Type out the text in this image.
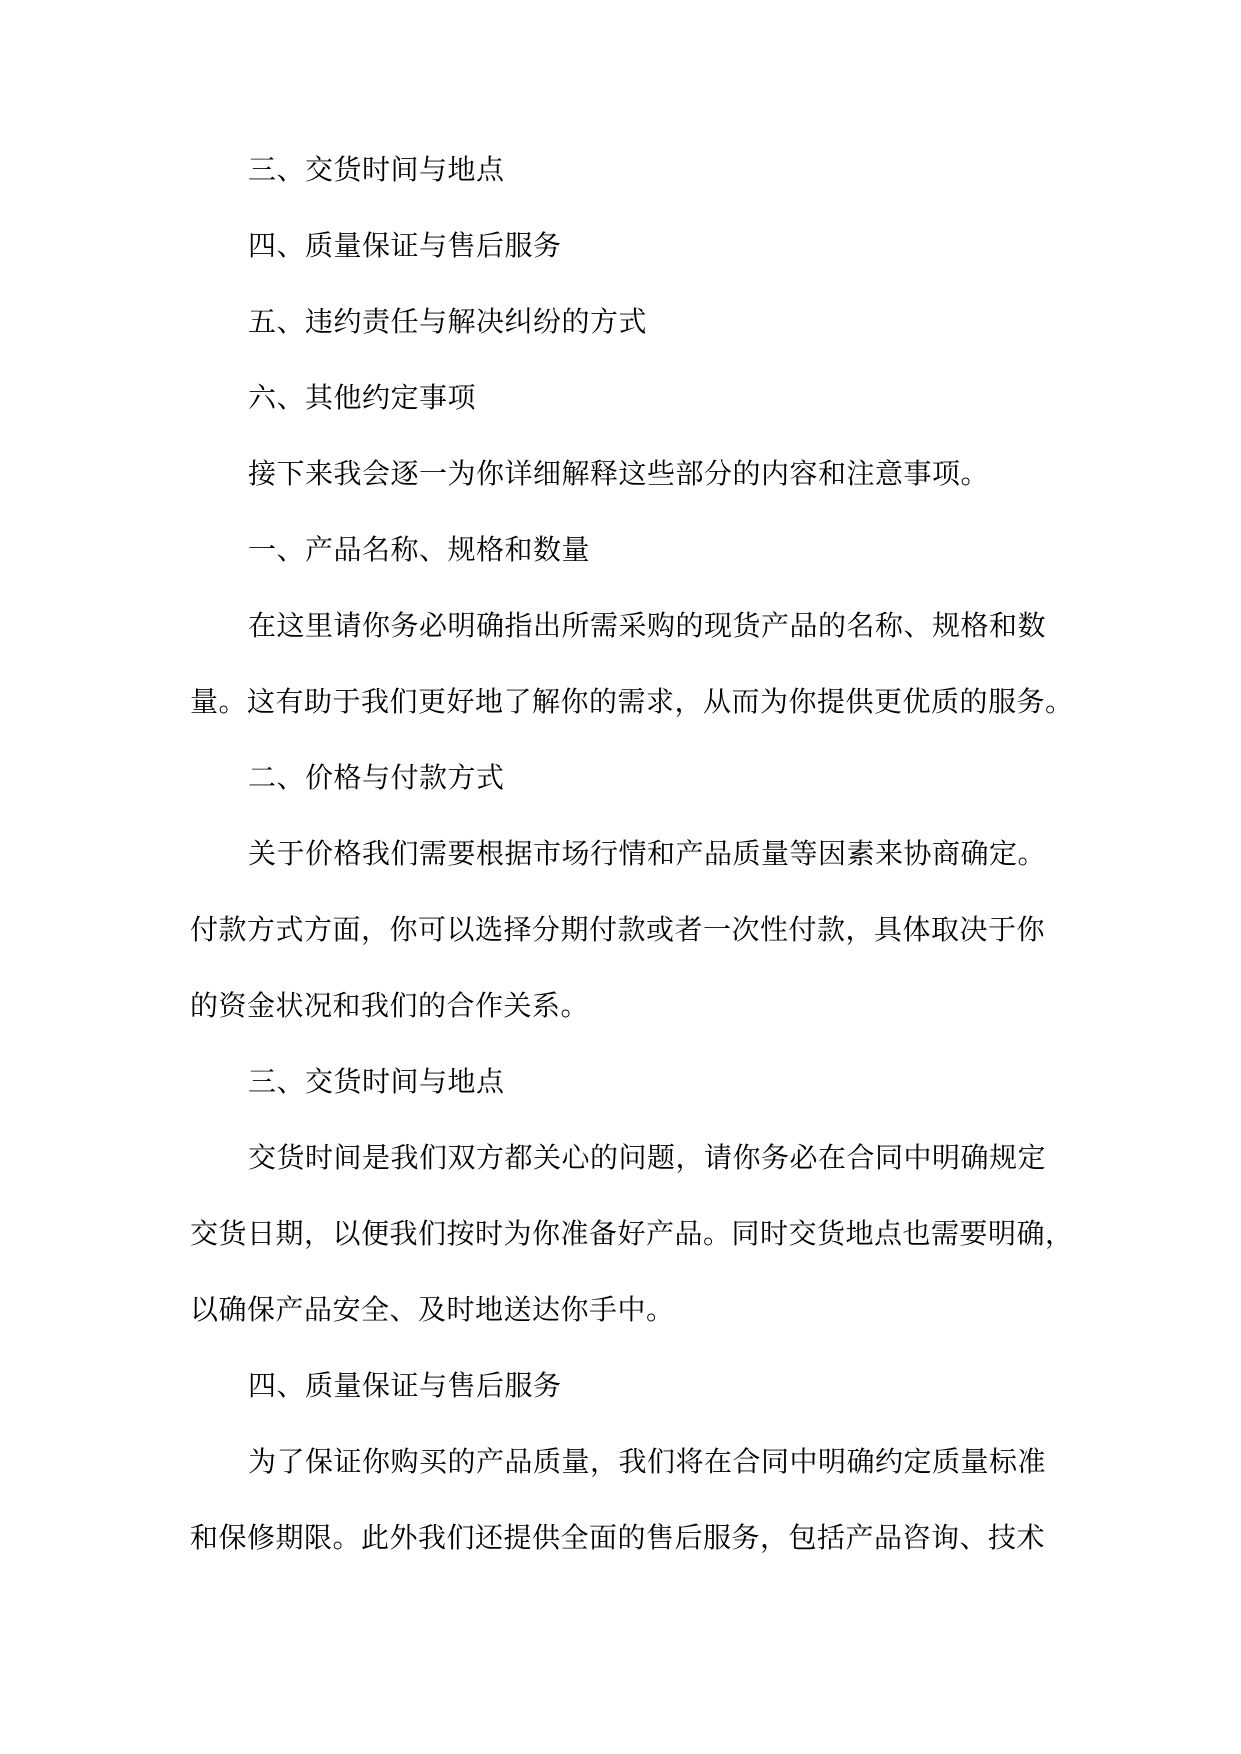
三、交货时间与地点
四、质量保证与售后服务
五、违约责任与解决纠纷的方式
六、其他约定事项
接下来我会逐一为你详细解释这些部分的内容和注意事项。
一、产品名称、规格和数量
在这里请你务必明确指出所需采购的现货产品的名称、规格和数
量。这有助于我们更好地了解你的需求，从而为你提供更优质的服务。
二、价格与付款方式
关于价格我们需要根据市场行情和产品质量等因素来协商确定。
付款方式方面，你可以选择分期付款或者一次性付款，具体取决于你
的资金状况和我们的合作关系。
三、交货时间与地点
交货时间是我们双方都关心的问题，请你务必在合同中明确规定
交货日期，以便我们按时为你准备好产品。同时交货地点也需要明确，
以确保产品安全、及时地送达你手中。
四、质量保证与售后服务
为了保证你购买的产品质量，我们将在合同中明确约定质量标准
和保修期限。此外我们还提供全面的售后服务，包括产品咨询、技术
